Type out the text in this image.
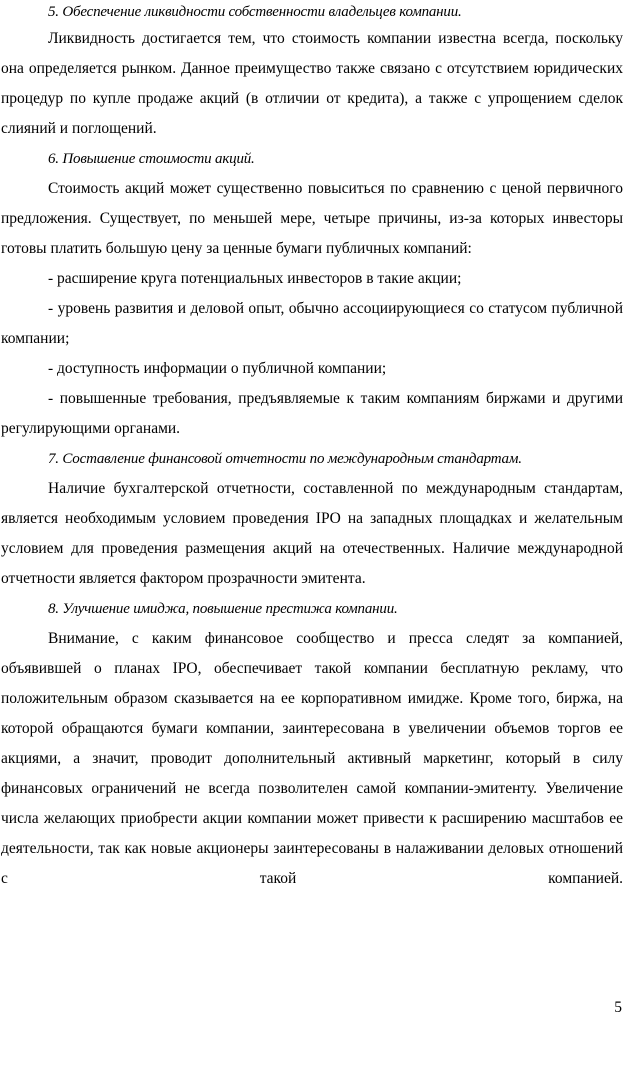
5. Обеспечение ликвидности собственности владельцев компании.

Ликвидность достигается тем, что стоимость компании известна всегда, поскольку она определяется рынком. Данное преимущество также связано с отсутствием юридических процедур по купле продаже акций (в отличии от кредита), а также с упрощением сделок слияний и поглощений.

6. Повышение стоимости акций.

Стоимость акций может существенно повыситься по сравнению с ценой первичного предложения. Существует, по меньшей мере, четыре причины, из-за которых инвесторы готовы платить большую цену за ценные бумаги публичных компаний:

- расширение круга потенциальных инвесторов в такие акции;

- уровень развития и деловой опыт, обычно ассоциирующиеся со статусом публичной компании;

- доступность информации о публичной компании;

- повышенные требования, предъявляемые к таким компаниям биржами и другими регулирующими органами.

7. Составление финансовой отчетности по международным стандартам.

Наличие бухгалтерской отчетности, составленной по международным стандартам, является необходимым условием проведения IPO на западных площадках и желательным условием для проведения размещения акций на отечественных. Наличие международной отчетности является фактором прозрачности эмитента.

8. Улучшение имиджа, повышение престижа компании.

Внимание, с каким финансовое сообщество и пресса следят за компанией, объявившей о планах IPO, обеспечивает такой компании бесплатную рекламу, что положительным образом сказывается на ее корпоративном имидже. Кроме того, биржа, на которой обращаются бумаги компании, заинтересована в увеличении объемов торгов ее акциями, а значит, проводит дополнительный активный маркетинг, который в силу финансовых ограничений не всегда позволителен самой компании-эмитенту. Увеличение числа желающих приобрести акции компании может привести к расширению масштабов ее деятельности, так как новые акционеры заинтересованы в налаживании деловых отношений с такой компанией.

5
